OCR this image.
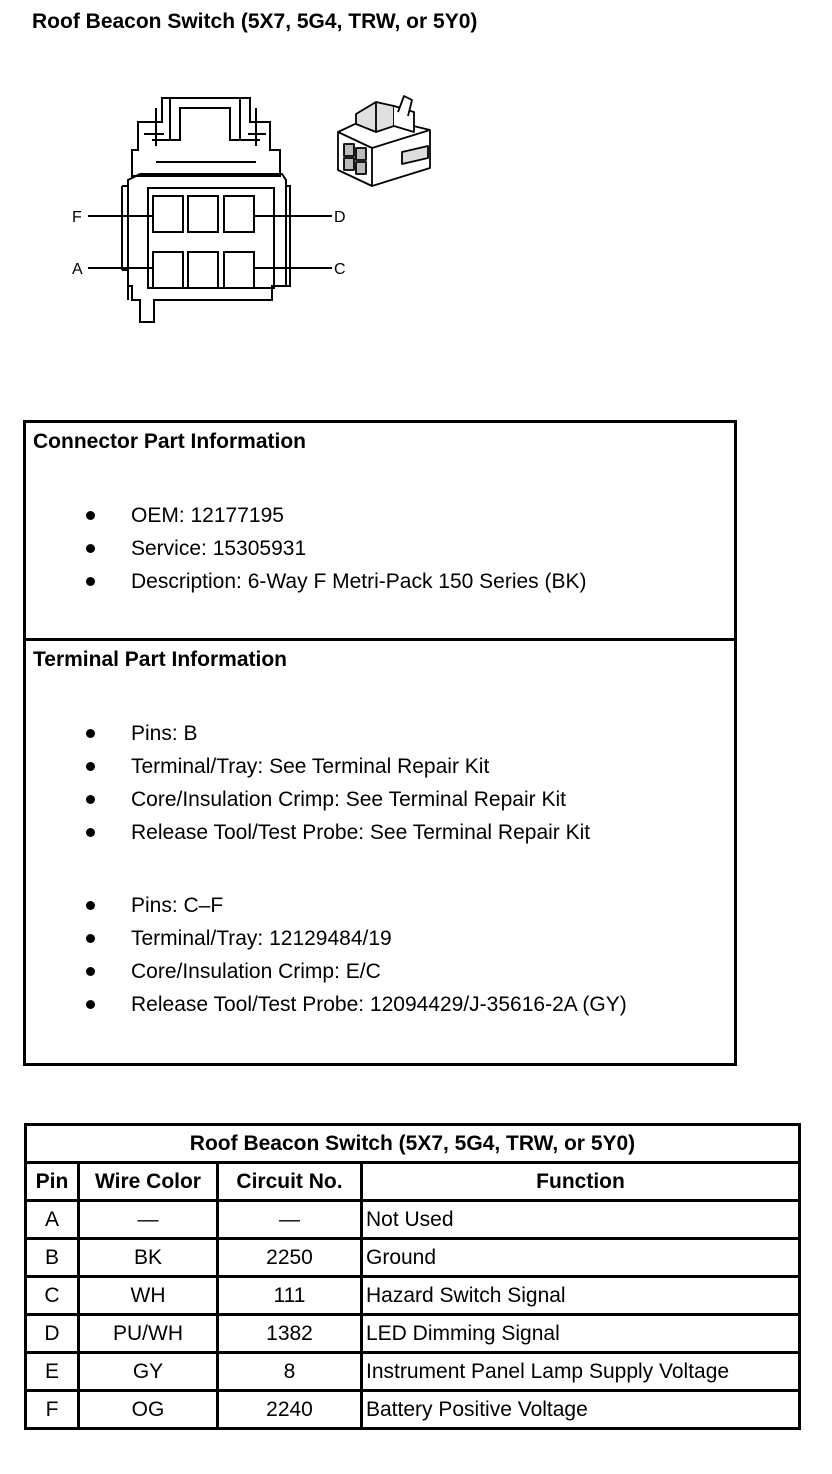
Roof Beacon Switch (5X7, 5G4, TRW, or 5Y0)
F	D
A	C
Connector Part Information
OEM: 12177195
Service: 15305931
Description: 6-Way F Metri-Pack 150 Series (BK)
Terminal Part Information
Pins: B
Terminal/Tray: See Terminal Repair Kit
Core/Insulation Crimp: See Terminal Repair Kit
Release Tool/Test Probe: See Terminal Repair Kit
Pins: C–F
Terminal/Tray: 12129484/19
Core/Insulation Crimp: E/C
Release Tool/Test Probe: 12094429/J-35616-2A (GY)
Roof Beacon Switch (5X7, 5G4, TRW, or 5Y0)			
Pin	Wire Color	Circuit No.	Function
A	—	—	Not Used
B	BK	2250	Ground
C	WH	111	Hazard Switch Signal
D	PU/WH	1382	LED Dimming Signal
E	GY	8	Instrument Panel Lamp Supply Voltage
F	OG	2240	Battery Positive Voltage
